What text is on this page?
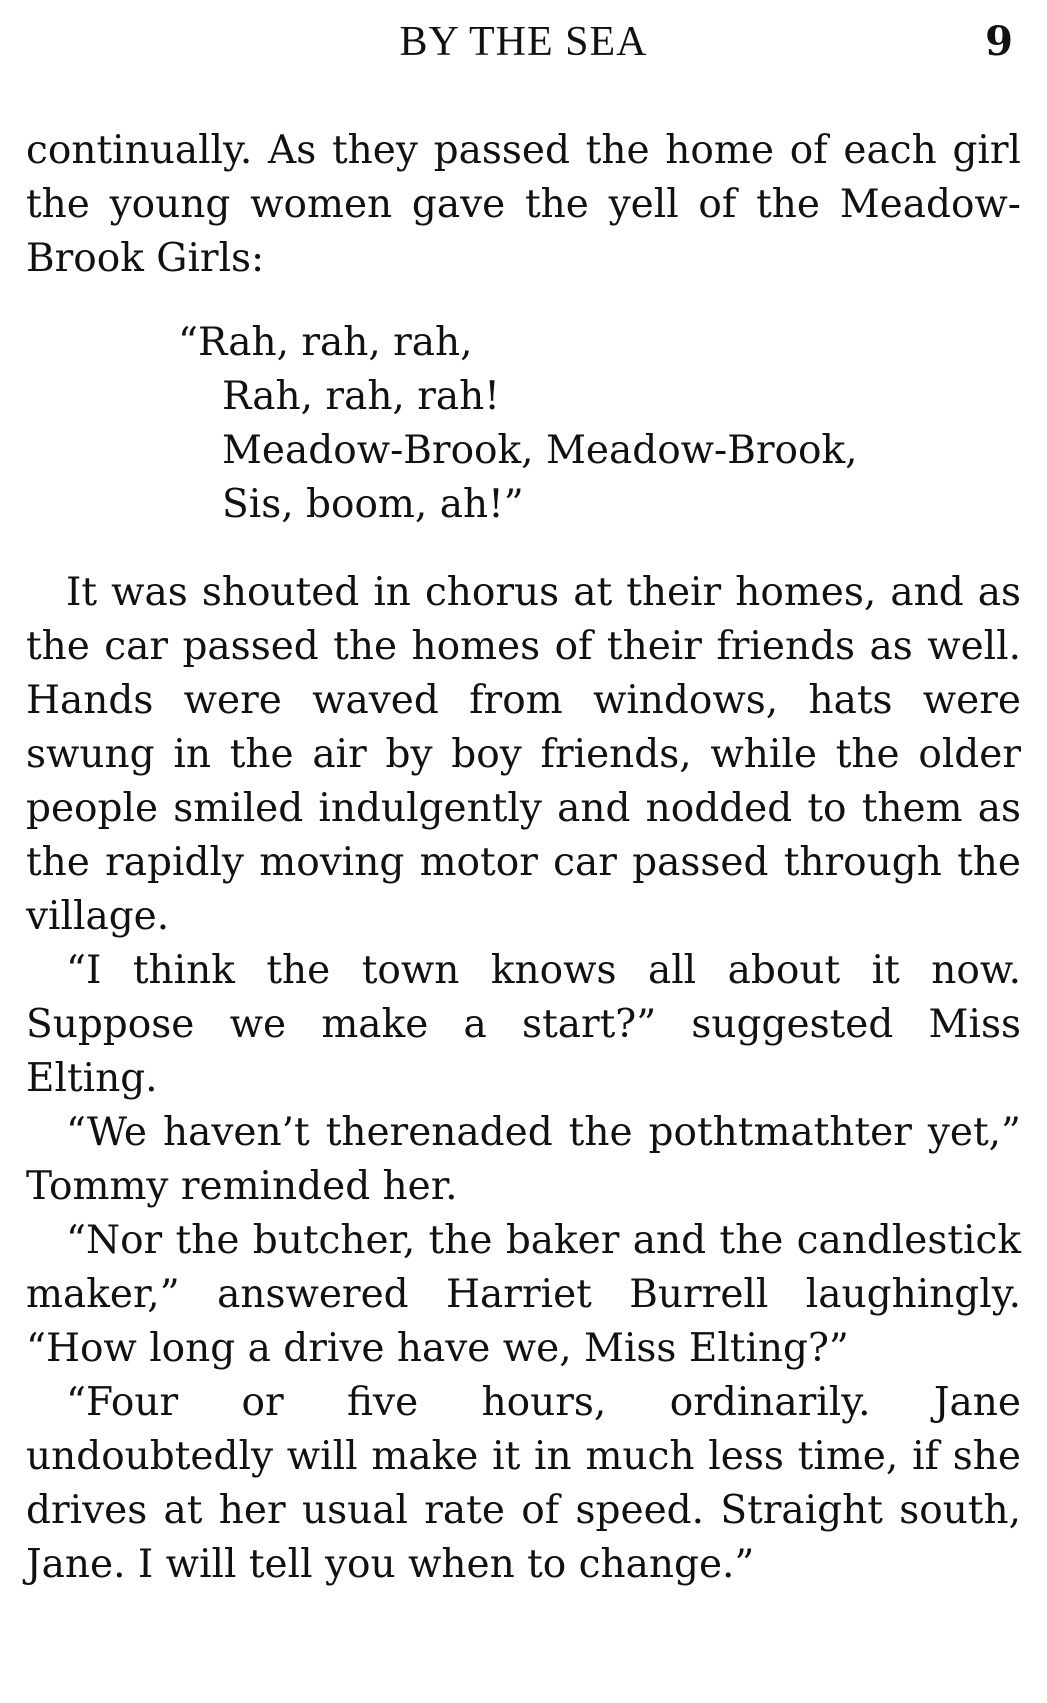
BY THE SEA	9

continually. As they passed the home of each girl the young women gave the yell of the Meadow-Brook Girls:

“Rah, rah, rah,
Rah, rah, rah!
Meadow-Brook, Meadow-Brook,
Sis, boom, ah!”

It was shouted in chorus at their homes, and as the car passed the homes of their friends as well. Hands were waved from windows, hats were swung in the air by boy friends, while the older people smiled indulgently and nodded to them as the rapidly moving motor car passed through the village.

“I think the town knows all about it now. Suppose we make a start?” suggested Miss Elting.

“We haven’t therenaded the pothtmathter yet,” Tommy reminded her.

“Nor the butcher, the baker and the candlestick maker,” answered Harriet Burrell laughingly. “How long a drive have we, Miss Elting?”

“Four or five hours, ordinarily. Jane undoubtedly will make it in much less time, if she drives at her usual rate of speed. Straight south, Jane. I will tell you when to change.”
